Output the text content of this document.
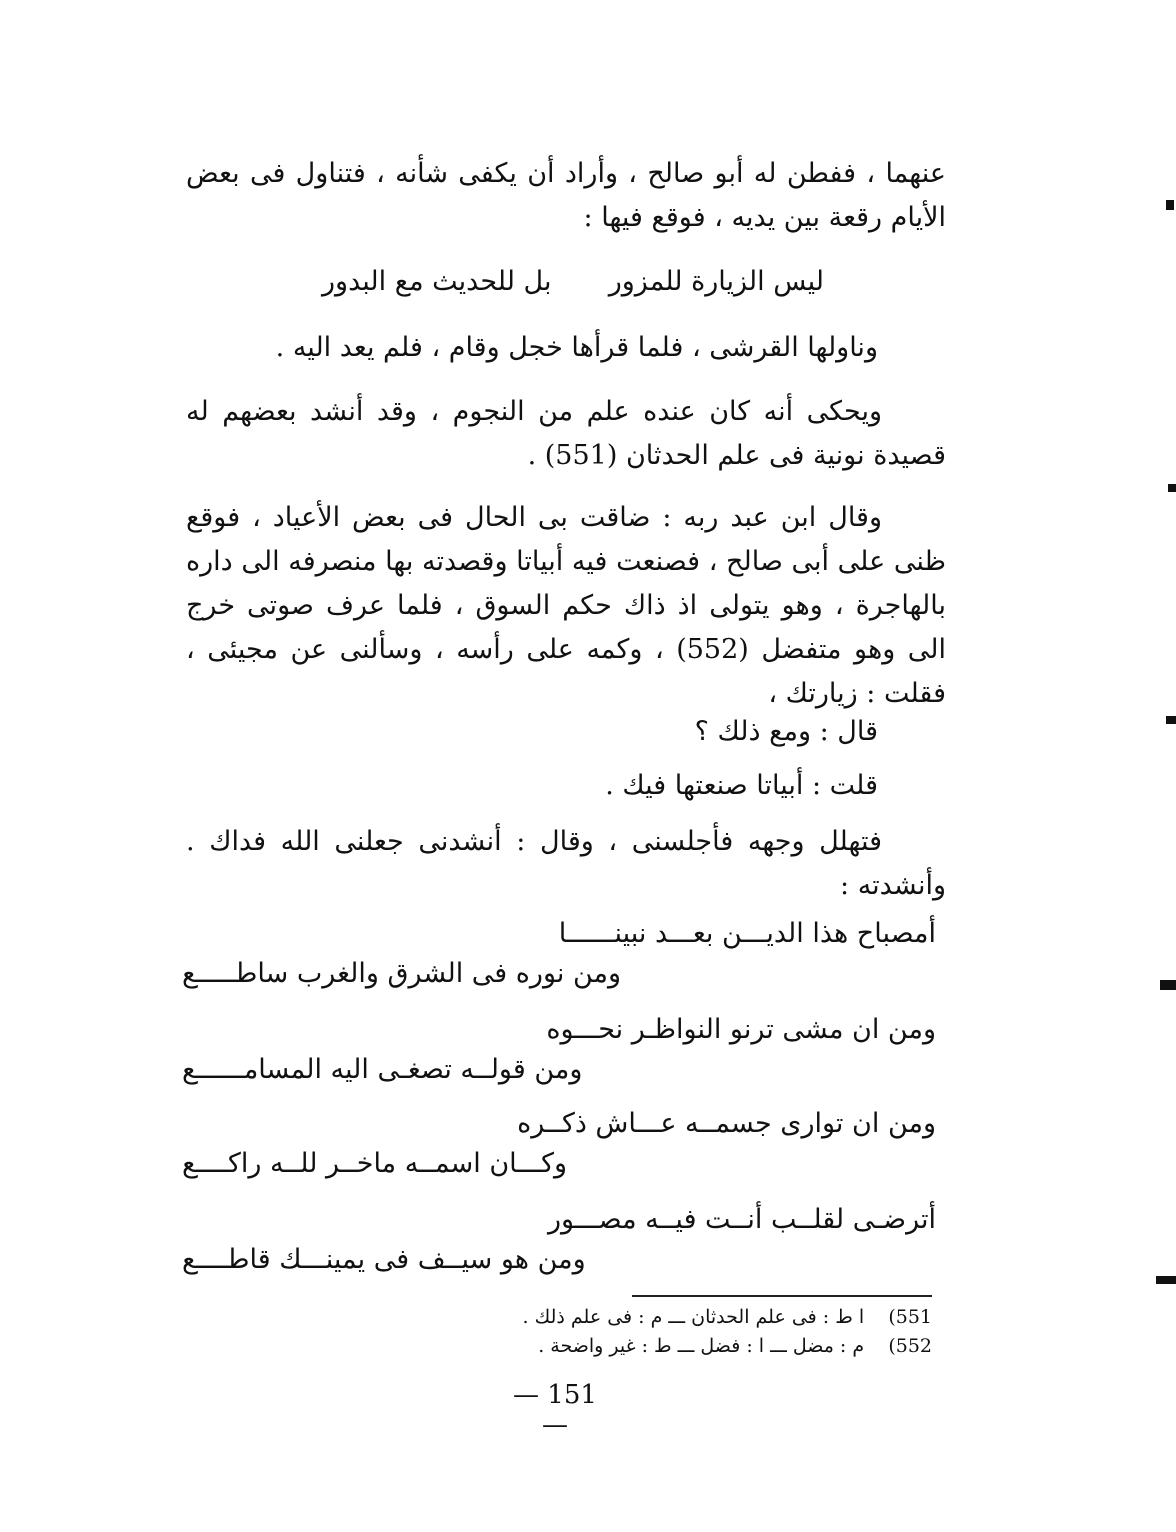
عنهما ، ففطن له أبو صالح ، وأراد أن يكفى شأنه ، فتناول فى بعض الأيام رقعة بين يديه ، فوقع فيها :

ليس الزيارة للمزور
بل للحديث مع البدور
وناولها القرشى ، فلما قرأها خجل وقام ، فلم يعد اليه .

ويحكى أنه كان عنده علم من النجوم ، وقد أنشد بعضهم له قصيدة نونية فى علم الحدثان (551) .

وقال ابن عبد ربه : ضاقت بى الحال فى بعض الأعياد ، فوقع ظنى على أبى صالح ، فصنعت فيه أبياتا وقصدته بها منصرفه الى داره بالهاجرة ، وهو يتولى اذ ذاك حكم السوق ، فلما عرف صوتى خرج الى وهو متفضل (552) ، وكمه على رأسه ، وسألنى عن مجيئى ، فقلت : زيارتك ،

قال : ومع ذلك ؟
قلت : أبياتا صنعتها فيك .

فتهلل وجهه فأجلسنى ، وقال : أنشدنى جعلنى الله فداك . وأنشدته :

أمصباح هذا الديـــن بعـــد نبينــــــا
ومن نوره فى الشرق والغرب ساطـــــع
ومن ان مشى ترنو النواظـر نحـــوه
ومن قولــه تصغـى اليه المسامــــــع
ومن ان توارى جسمــه عـــاش ذكــره
وكـــان اسمــه ماخــر للــه راكــــع
أترضـى لقلــب أنــت فيــه مصـــور
ومن هو سيــف فى يمينـــك قاطــــع
551)    ا ط : فى علم الحدثان ـــ م : فى علم ذلك .
552)    م : مضل ـــ ا : فضل ـــ ط : غير واضحة .
— 151 —
